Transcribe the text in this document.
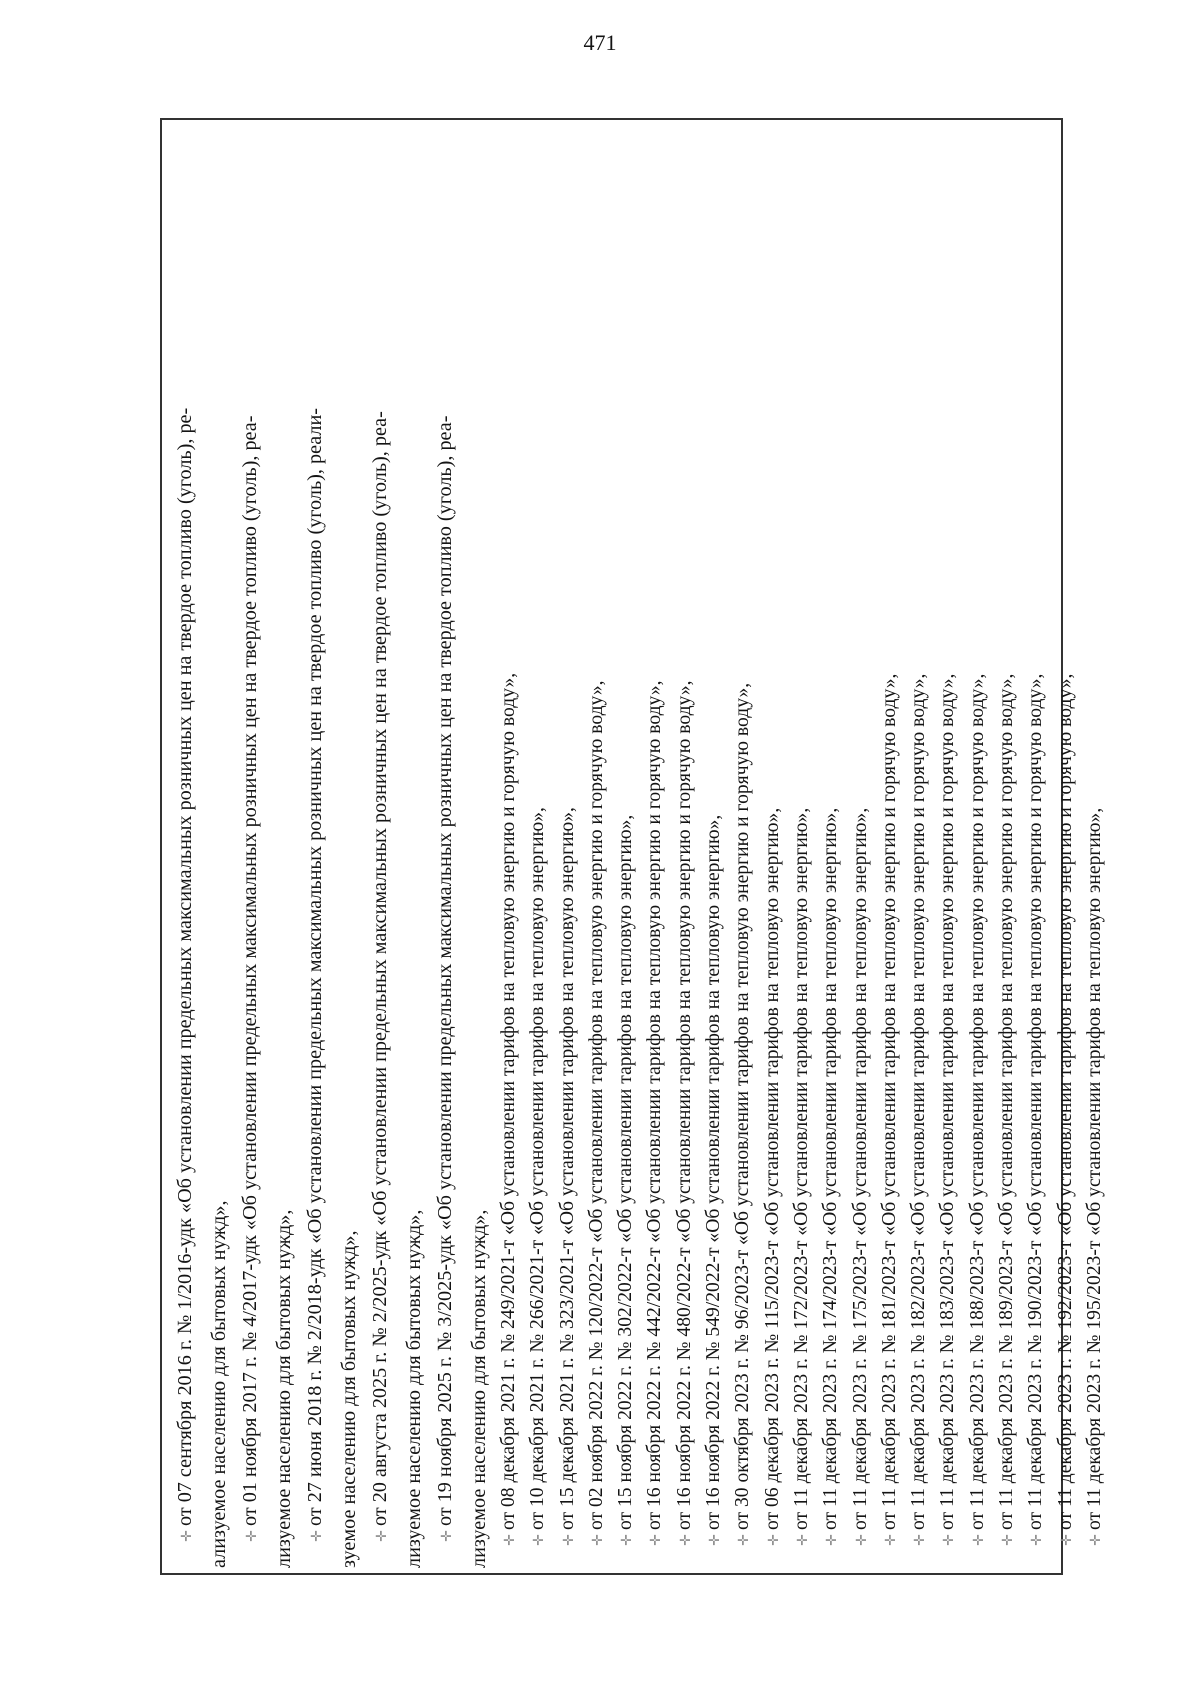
471
✛от 07 сентября 2016 г. № 1/2016-удк «Об установлении предельных максимальных розничных цен на твердое топливо (уголь), ре- ализуемое населению для бытовых нужд»,	✛от 01 ноября 2017 г. № 4/2017-удк «Об установлении предельных максимальных розничных цен на твердое топливо (уголь), реа- лизуемое населению для бытовых нужд»,	✛от 27 июня 2018 г. № 2/2018-удк «Об установлении предельных максимальных розничных цен на твердое топливо (уголь), реали- зуемое населению для бытовых нужд»,	✛от 20 августа 2025 г. № 2/2025-удк «Об установлении предельных максимальных розничных цен на твердое топливо (уголь), реа- лизуемое населению для бытовых нужд»,	✛от 19 ноября 2025 г. № 3/2025-удк «Об установлении предельных максимальных розничных цен на твердое топливо (уголь), реа- лизуемое населению для бытовых нужд», ✛от 08 декабря 2021 г. № 249/2021-т «Об установлении тарифов на тепловую энергию и горячую воду»,
✛от 10 декабря 2021 г. № 266/2021-т «Об установлении тарифов на тепловую энергию»,
✛от 15 декабря 2021 г. № 323/2021-т «Об установлении тарифов на тепловую энергию»,
✛от 02 ноября 2022 г. № 120/2022-т «Об установлении тарифов на тепловую энергию и горячую воду»,
✛от 15 ноября 2022 г. № 302/2022-т «Об установлении тарифов на тепловую энергию»,
✛от 16 ноября 2022 г. № 442/2022-т «Об установлении тарифов на тепловую энергию и горячую воду»,
✛от 16 ноября 2022 г. № 480/2022-т «Об установлении тарифов на тепловую энергию и горячую воду»,
✛от 16 ноября 2022 г. № 549/2022-т «Об установлении тарифов на тепловую энергию»,
✛от 30 октября 2023 г. № 96/2023-т «Об установлении тарифов на тепловую энергию и горячую воду»,
✛от 06 декабря 2023 г. № 115/2023-т «Об установлении тарифов на тепловую энергию»,
✛от 11 декабря 2023 г. № 172/2023-т «Об установлении тарифов на тепловую энергию»,
✛от 11 декабря 2023 г. № 174/2023-т «Об установлении тарифов на тепловую энергию»,
✛от 11 декабря 2023 г. № 175/2023-т «Об установлении тарифов на тепловую энергию»,
✛от 11 декабря 2023 г. № 181/2023-т «Об установлении тарифов на тепловую энергию и горячую воду»,
✛от 11 декабря 2023 г. № 182/2023-т «Об установлении тарифов на тепловую энергию и горячую воду»,
✛от 11 декабря 2023 г. № 183/2023-т «Об установлении тарифов на тепловую энергию и горячую воду»,
✛от 11 декабря 2023 г. № 188/2023-т «Об установлении тарифов на тепловую энергию и горячую воду»,
✛от 11 декабря 2023 г. № 189/2023-т «Об установлении тарифов на тепловую энергию и горячую воду»,
✛от 11 декабря 2023 г. № 190/2023-т «Об установлении тарифов на тепловую энергию и горячую воду»,
✛от 11 декабря 2023 г. № 192/2023-т «Об установлении тарифов на тепловую энергию и горячую воду»,
✛от 11 декабря 2023 г. № 195/2023-т «Об установлении тарифов на тепловую энергию»,
